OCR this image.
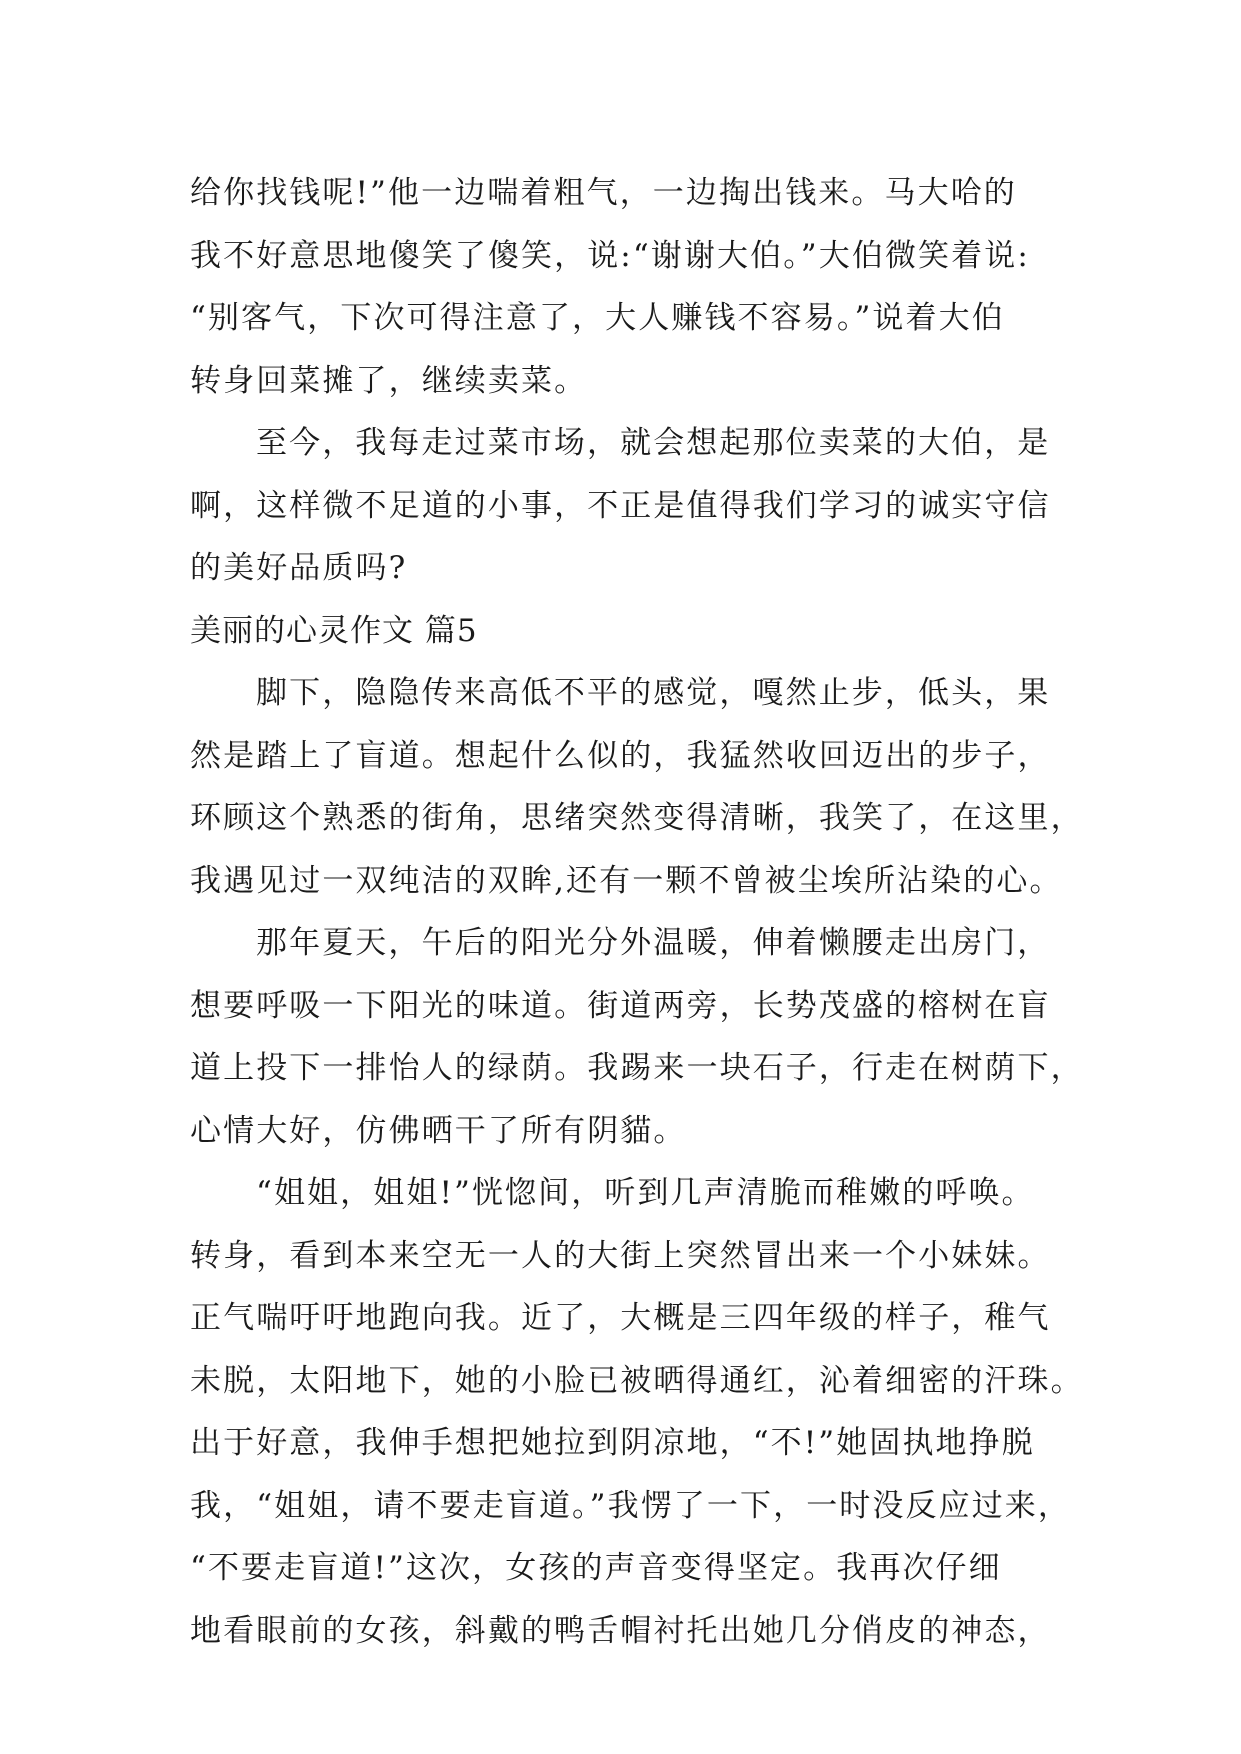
给你找钱呢!”他一边喘着粗气，一边掏出钱来。马大哈的
我不好意思地傻笑了傻笑，说:“谢谢大伯。”大伯微笑着说:
“别客气，下次可得注意了，大人赚钱不容易。”说着大伯
转身回菜摊了，继续卖菜。
至今，我每走过菜市场，就会想起那位卖菜的大伯，是
啊，这样微不足道的小事，不正是值得我们学习的诚实守信
的美好品质吗?
美丽的心灵作文 篇5
脚下，隐隐传来高低不平的感觉，嘎然止步，低头，果
然是踏上了盲道。想起什么似的，我猛然收回迈出的步子，
环顾这个熟悉的街角，思绪突然变得清晰，我笑了，在这里，
我遇见过一双纯洁的双眸,还有一颗不曾被尘埃所沾染的心。
那年夏天，午后的阳光分外温暖，伸着懒腰走出房门，
想要呼吸一下阳光的味道。街道两旁，长势茂盛的榕树在盲
道上投下一排怡人的绿荫。我踢来一块石子，行走在树荫下，
心情大好，仿佛晒干了所有阴貓。
“姐姐，姐姐!”恍惚间，听到几声清脆而稚嫩的呼唤。
转身，看到本来空无一人的大街上突然冒出来一个小妹妹。
正气喘吁吁地跑向我。近了，大概是三四年级的样子，稚气
未脱，太阳地下，她的小脸已被晒得通红，沁着细密的汗珠。
出于好意，我伸手想把她拉到阴凉地，“不!”她固执地挣脱
我，“姐姐，请不要走盲道。”我愣了一下，一时没反应过来，
“不要走盲道!”这次，女孩的声音变得坚定。我再次仔细
地看眼前的女孩，斜戴的鸭舌帽衬托出她几分俏皮的神态，
